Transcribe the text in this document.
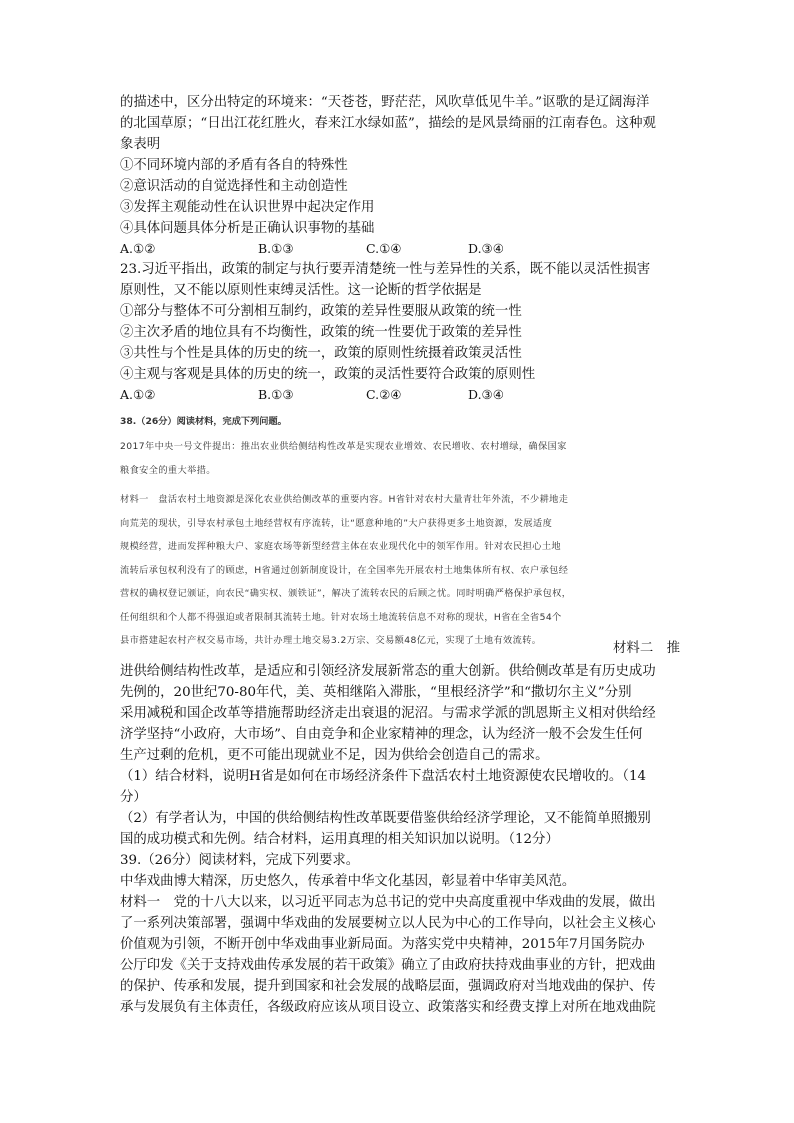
的描述中，区分出特定的环境来：“天苍苍，野茫茫，风吹草低见牛羊。”讴歌的是辽阔海洋

的北国草原；“日出江花红胜火，春来江水绿如蓝”，描绘的是风景绮丽的江南春色。这种观

象表明

①不同环境内部的矛盾有各自的特殊性

②意识活动的自觉选择性和主动创造性

③发挥主观能动性在认识世界中起决定作用

④具体问题具体分析是正确认识事物的基础

A.①②	B.①③	C.①④	D.③④

23.习近平指出，政策的制定与执行要弄清楚统一性与差异性的关系，既不能以灵活性损害

原则性，又不能以原则性束缚灵活性。这一论断的哲学依据是

①部分与整体不可分割相互制约，政策的差异性要服从政策的统一性

②主次矛盾的地位具有不均衡性，政策的统一性要优于政策的差异性

③共性与个性是具体的历史的统一，政策的原则性统摄着政策灵活性

④主观与客观是具体的历史的统一，政策的灵活性要符合政策的原则性

A.①②	B.①③	C.②④	D.③④
38.（26分）阅读材料，完成下列问题。

2017年中央一号文件提出：推出农业供给侧结构性改革是实现农业增效、农民增收、农村增绿，确保国家

粮食安全的重大举措。

材料一　盘活农村土地资源是深化农业供给侧改革的重要内容。H省针对农村大量青壮年外流，不少耕地走

向荒芜的现状，引导农村承包土地经营权有序流转，让“愿意种地的”大户获得更多土地资源，发展适度

规模经营，进而发挥种粮大户、家庭农场等新型经营主体在农业现代化中的领军作用。针对农民担心土地

流转后承包权利没有了的顾虑，H省通过创新制度设计，在全国率先开展农村土地集体所有权、农户承包经

营权的确权登记颁证，向农民“确实权、颁铁证”，解决了流转农民的后顾之忧。同时明确严格保护承包权，

任何组织和个人都不得强迫或者限制其流转土地。针对农场土地流转信息不对称的现状，H省在全省54个

县市搭建起农村产权交易市场，共计办理土地交易3.2万宗、交易额48亿元，实现了土地有效流转。

材料二　推

进供给侧结构性改革，是适应和引领经济发展新常态的重大创新。供给侧改革是有历史成功

先例的，20世纪70-80年代，美、英相继陷入滞胀，“里根经济学”和“撒切尔主义”分别

采用减税和国企改革等措施帮助经济走出衰退的泥沼。与需求学派的凯恩斯主义相对供给经

济学坚持“小政府，大市场”、自由竞争和企业家精神的理念，认为经济一般不会发生任何

生产过剩的危机，更不可能出现就业不足，因为供给会创造自己的需求。

（1）结合材料，说明H省是如何在市场经济条件下盘活农村土地资源使农民增收的。（14

分）

（2）有学者认为，中国的供给侧结构性改革既要借鉴供给经济学理论，又不能简单照搬别

国的成功模式和先例。结合材料，运用真理的相关知识加以说明。（12分）

39.（26分）阅读材料，完成下列要求。

中华戏曲博大精深，历史悠久，传承着中华文化基因，彰显着中华审美风范。

材料一　党的十八大以来，以习近平同志为总书记的党中央高度重视中华戏曲的发展，做出

了一系列决策部署，强调中华戏曲的发展要树立以人民为中心的工作导向，以社会主义核心

价值观为引领，不断开创中华戏曲事业新局面。为落实党中央精神，2015年7月国务院办

公厅印发《关于支持戏曲传承发展的若干政策》确立了由政府扶持戏曲事业的方针，把戏曲

的保护、传承和发展，提升到国家和社会发展的战略层面，强调政府对当地戏曲的保护、传

承与发展负有主体责任，各级政府应该从项目设立、政策落实和经费支撑上对所在地戏曲院
